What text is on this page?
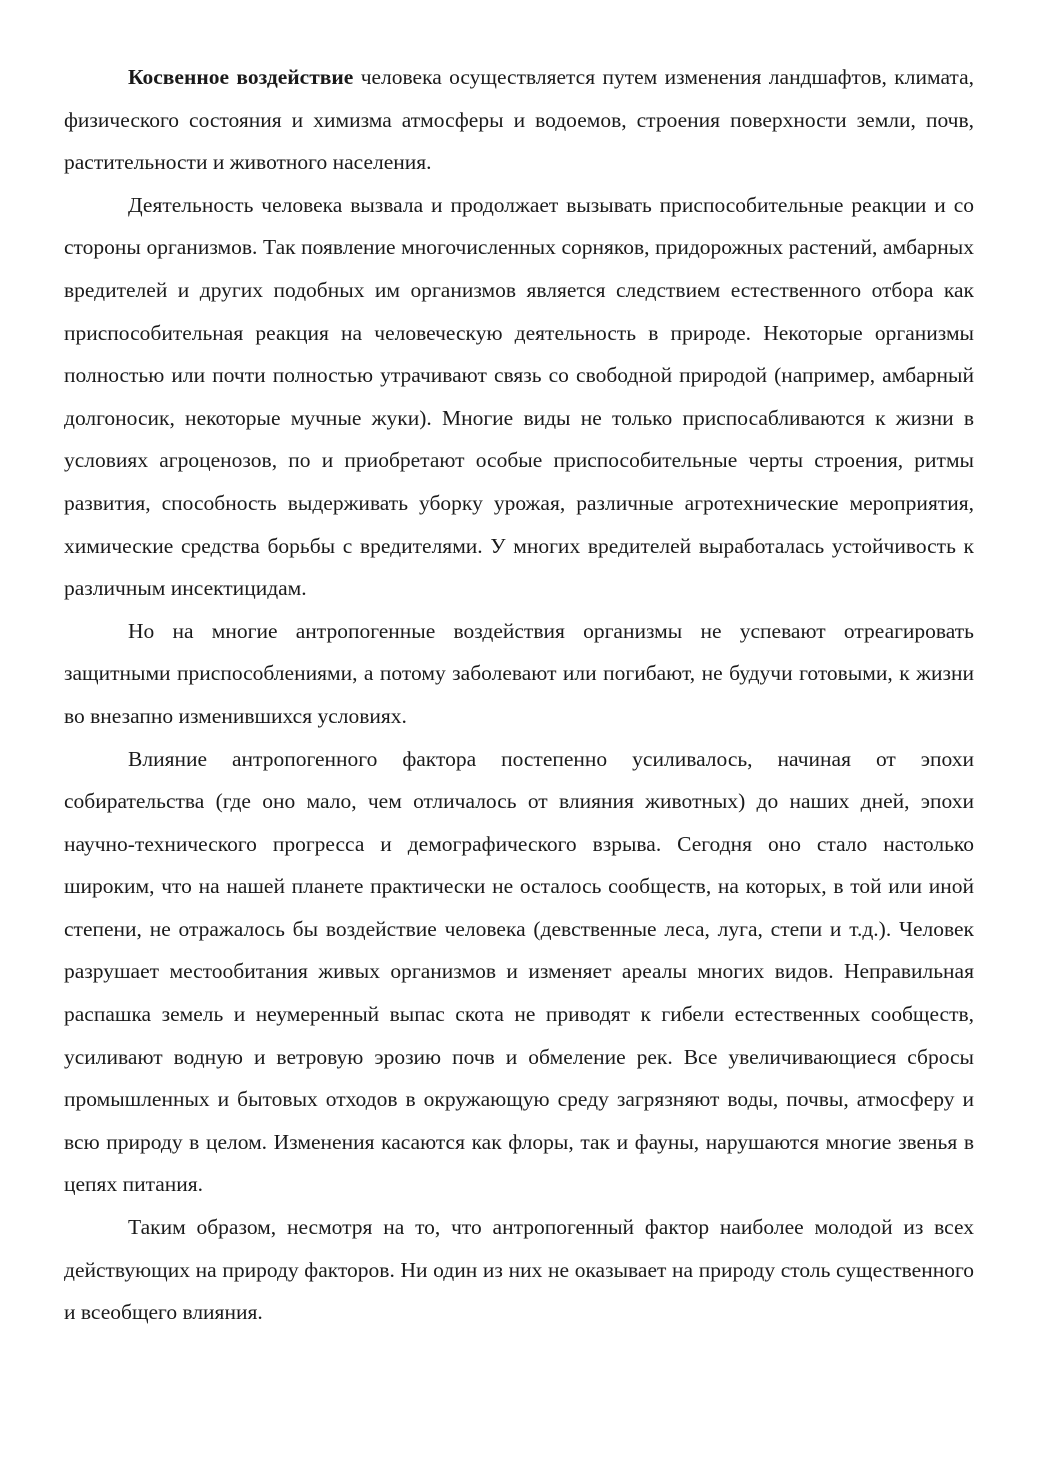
Косвенное воздействие человека осуществляется путем изменения ландшафтов, климата, физического состояния и химизма атмосферы и водоемов, строения поверхности земли, почв, растительности и животного населения.

Деятельность человека вызвала и продолжает вызывать приспособительные реакции и со стороны организмов. Так появление многочисленных сорняков, придорожных растений, амбарных вредителей и других подобных им организмов является следствием естественного отбора как приспособительная реакция на человеческую деятельность в природе. Некоторые организмы полностью или почти полностью утрачивают связь со свободной природой (например, амбарный долгоносик, некоторые мучные жуки). Многие виды не только приспосабливаются к жизни в условиях агроценозов, по и приобретают особые приспособительные черты строения, ритмы развития, способность выдерживать уборку урожая, различные агротехнические мероприятия, химические средства борьбы с вредителями. У многих вредителей выработалась устойчивость к различным инсектицидам.

Но на многие антропогенные воздействия организмы не успевают отреагировать защитными приспособлениями, а потому заболевают или погибают, не будучи готовыми, к жизни во внезапно изменившихся условиях.

Влияние антропогенного фактора постепенно усиливалось, начиная от эпохи собирательства (где оно мало, чем отличалось от влияния животных) до наших дней, эпохи научно-технического прогресса и демографического взрыва. Сегодня оно стало настолько широким, что на нашей планете практически не осталось сообществ, на которых, в той или иной степени, не отражалось бы воздействие человека (девственные леса, луга, степи и т.д.). Человек разрушает местообитания живых организмов и изменяет ареалы многих видов. Неправильная распашка земель и неумеренный выпас скота не приводят к гибели естественных сообществ, усиливают водную и ветровую эрозию почв и обмеление рек. Все увеличивающиеся сбросы промышленных и бытовых отходов в окружающую среду загрязняют воды, почвы, атмосферу и всю природу в целом. Изменения касаются как флоры, так и фауны, нарушаются многие звенья в цепях питания.

Таким образом, несмотря на то, что антропогенный фактор наиболее молодой из всех действующих на природу факторов. Ни один из них не оказывает на природу столь существенного и всеобщего влияния.
